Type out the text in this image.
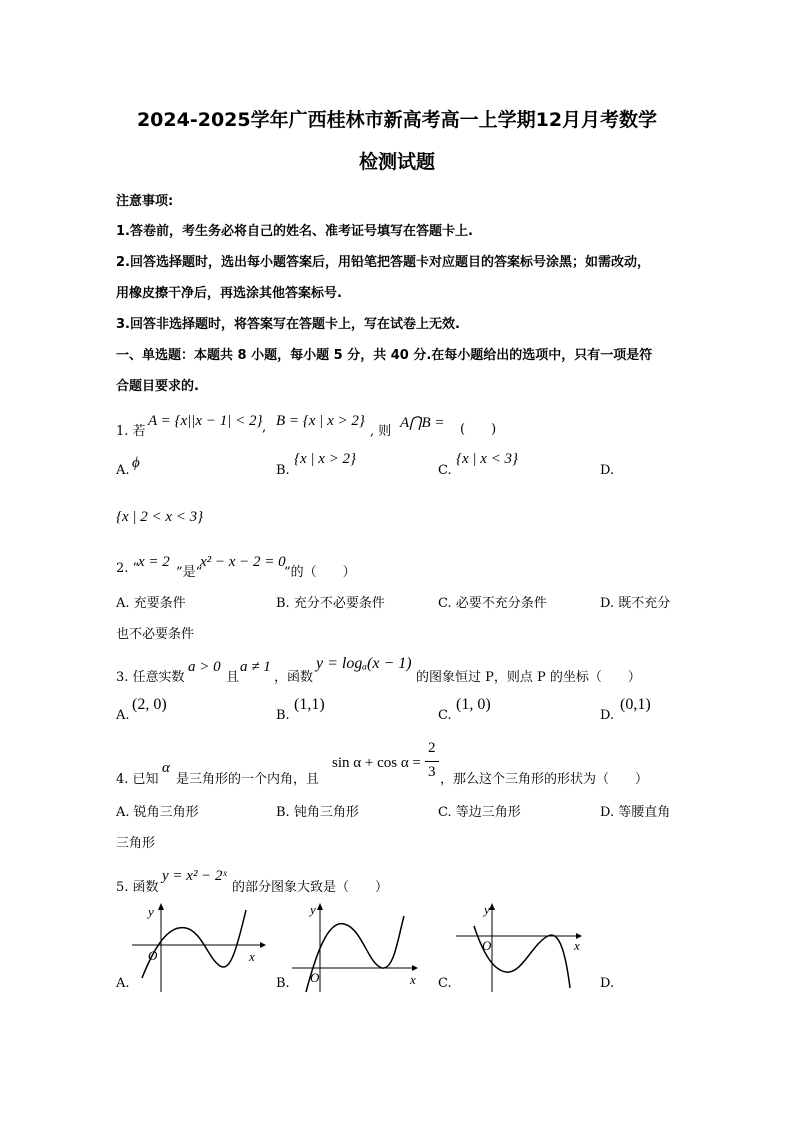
2024-2025学年广西桂林市新高考高一上学期12月月考数学
检测试题
注意事项:
1.答卷前，考生务必将自己的姓名、准考证号填写在答题卡上.
2.回答选择题时，选出每小题答案后，用铅笔把答题卡对应题目的答案标号涂黑；如需改动，
用橡皮擦干净后，再选涂其他答案标号.
3.回答非选择题时，将答案写在答题卡上，写在试卷上无效.
一、单选题：本题共 8 小题，每小题 5 分，共 40 分.在每小题给出的选项中，只有一项是符
合题目要求的.
1. 若
A = {x||x − 1| < 2} , B = {x | x > 2}
, 则
A⋂B = (　　)
A. ϕ	B.
{x | x > 2}
C.
{x | x < 3}
D.
{x | 2 < x < 3}
2. “
x = 2
”是“
x² − x − 2 = 0
”的（　　）
A. 充要条件	B. 充分不必要条件	C. 必要不充分条件	D. 既不充分
也不必要条件
3. 任意实数
a > 0
且
a ≠ 1
，函数
y = logₐ(x − 1)
的图象恒过 P，则点 P 的坐标（　　）
A.
(2, 0)
B.
(1,1)
C.
(1, 0)
D.
(0,1)
4. 已知
α
是三角形的一个内角，且
sin α + cos α =
2
3 ，那么这个三角形的形状为（　　）
A. 锐角三角形	B. 钝角三角形	C. 等边三角形	D. 等腰直角
三角形
5. 函数
y = x² − 2ˣ
的部分图象大致是（　　）
y
x
O
A.
y
x
O
B.
y
x
O
C.	D.
